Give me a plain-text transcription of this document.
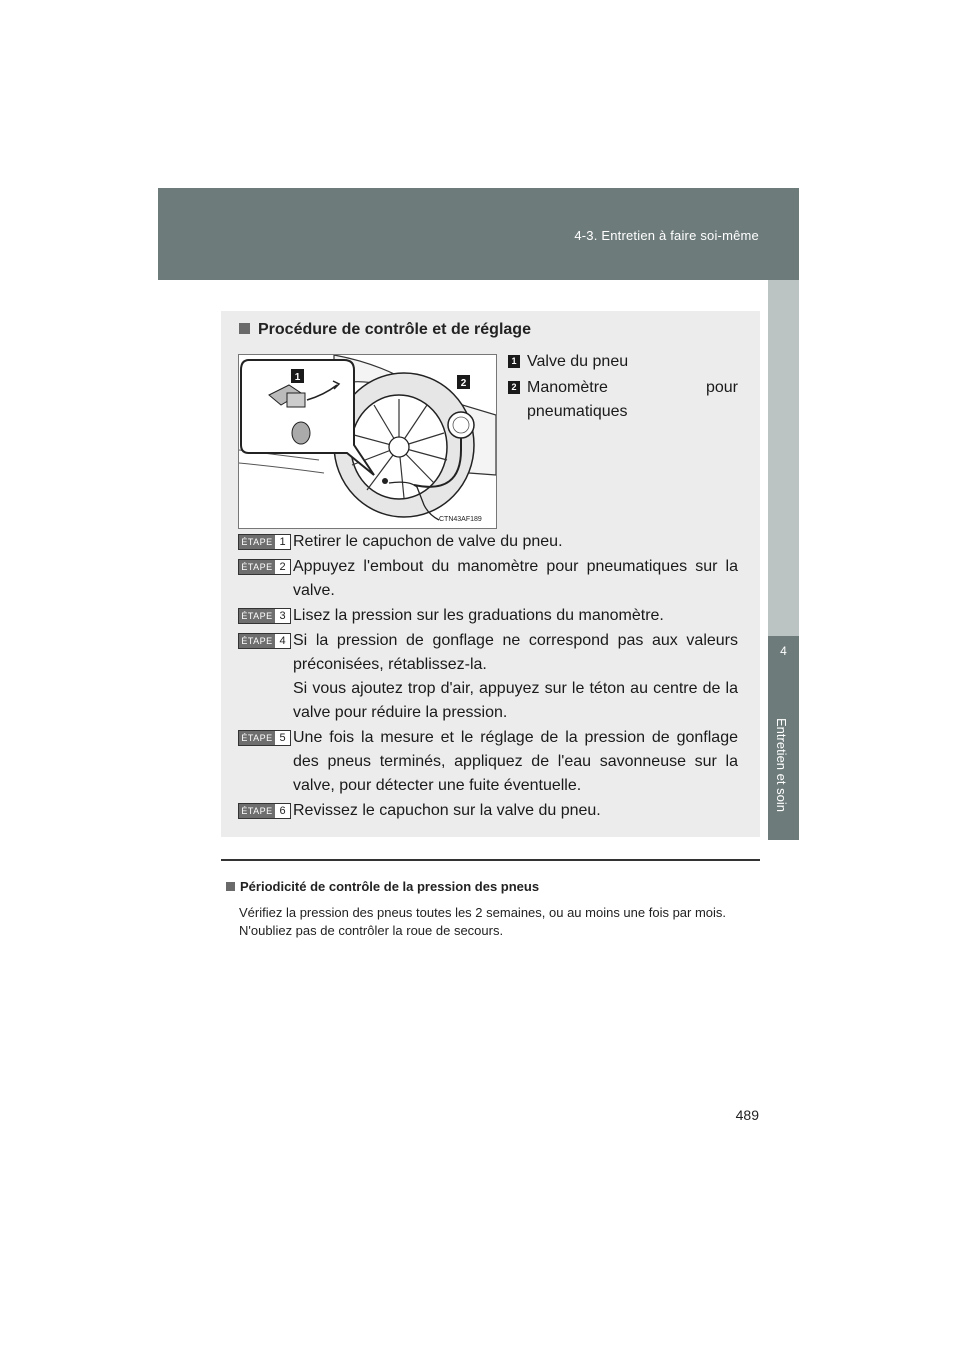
4-3. Entretien à faire soi-même
4
Entretien et soin
Procédure de contrôle et de réglage
1
2
CTN43AF189
1 Valve du pneu
2 Manomètre	pour
pneumatiques
ÉTAPE 1 Retirer le capuchon de valve du pneu.
ÉTAPE 2 Appuyez l'embout du manomètre pour pneumatiques sur la valve.
ÉTAPE 3 Lisez la pression sur les graduations du manomètre.
ÉTAPE 4 Si la pression de gonflage ne correspond pas aux valeurs préconisées, rétablissez-la.
Si vous ajoutez trop d'air, appuyez sur le téton au centre de la valve pour réduire la pression.
ÉTAPE 5 Une fois la mesure et le réglage de la pression de gonflage des pneus terminés, appliquez de l'eau savonneuse sur la valve, pour détecter une fuite éventuelle.
ÉTAPE 6 Revissez le capuchon sur la valve du pneu.
Périodicité de contrôle de la pression des pneus
Vérifiez la pression des pneus toutes les 2 semaines, ou au moins une fois par mois.
N'oubliez pas de contrôler la roue de secours.
489
